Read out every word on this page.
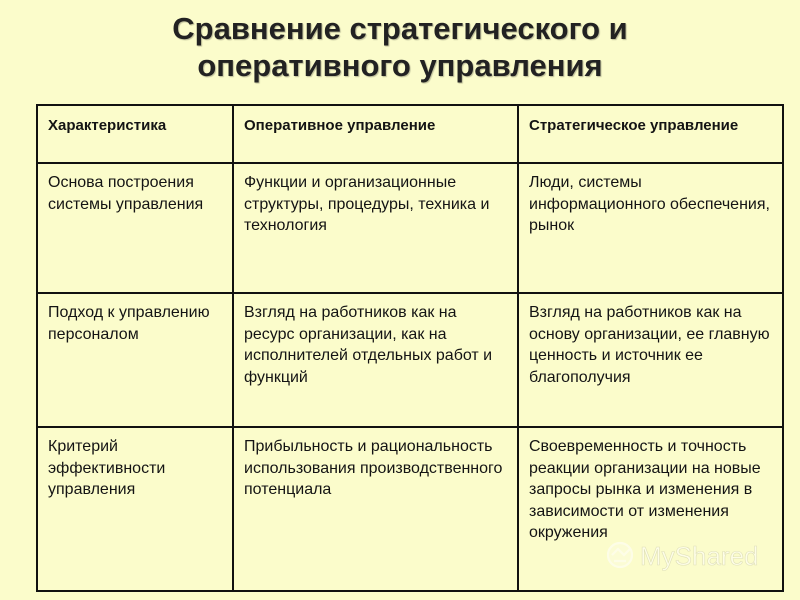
Сравнение стратегического и
оперативного управления
Характеристика	Оперативное управление	Стратегическое управление
Основа построения системы управления	Функции и организационные структуры, процедуры, техника и технология	Люди, системы информационного обеспечения, рынок
Подход к управлению персоналом	Взгляд на работников как на ресурс организации, как на исполнителей отдельных работ и функций	Взгляд на работников как на основу организации, ее главную ценность и источник ее благополучия
Критерий эффективности управления	Прибыльность и рациональность использования производственного потенциала	Своевременность и точность реакции организации на новые запросы рынка и изменения в зависимости от изменения окружения
MyShared
